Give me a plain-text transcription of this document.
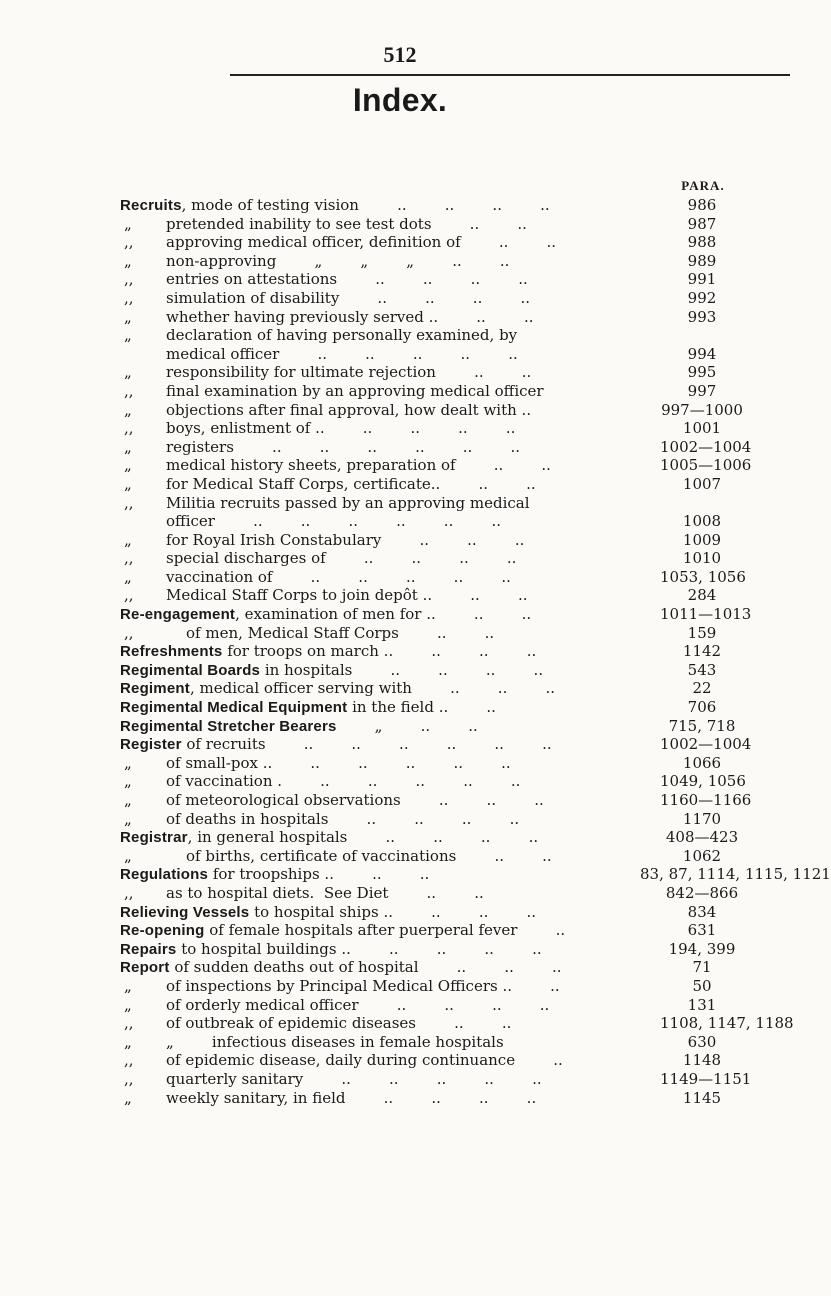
512
Index.
PARA.
Recruits, mode of testing vision        ..        ..        ..        ..	986
„ pretended inability to see test dots        ..        ..	987
,, approving medical officer, definition of        ..        ..	988
„ non-approving        „        „        „        ..        ..	989
,, entries on attestations        ..        ..        ..        ..	991
,, simulation of disability        ..        ..        ..        ..	992
„ whether having previously served ..        ..        ..	993
„ declaration of having personally examined, by
medical officer        ..        ..        ..        ..        ..	994
„ responsibility for ultimate rejection        ..        ..	995
,, final examination by an approving medical officer	997
„ objections after final approval, how dealt with ..	997—1000
,, boys, enlistment of ..        ..        ..        ..        ..	1001
„ registers        ..        ..        ..        ..        ..        ..	1002—1004
„ medical history sheets, preparation of        ..        ..	1005—1006
„ for Medical Staff Corps, certificate..        ..        ..	1007
,, Militia recruits passed by an approving medical
officer        ..        ..        ..        ..        ..        ..	1008
„ for Royal Irish Constabulary        ..        ..        ..	1009
,, special discharges of        ..        ..        ..        ..	1010
„ vaccination of        ..        ..        ..        ..        ..	1053, 1056
,, Medical Staff Corps to join depôt ..        ..        ..	284
Re-engagement, examination of men for ..        ..        ..	1011—1013
,,	of men, Medical Staff Corps        ..        ..	159
Refreshments for troops on march ..        ..        ..        ..	1142
Regimental Boards in hospitals        ..        ..        ..        ..	543
Regiment, medical officer serving with        ..        ..        ..	22
Regimental Medical Equipment in the field ..        ..	706
Regimental Stretcher Bearers        „        ..        ..	715, 718
Register of recruits        ..        ..        ..        ..        ..        ..	1002—1004
„ of small-pox ..        ..        ..        ..        ..        ..	1066
„ of vaccination .        ..        ..        ..        ..        ..	1049, 1056
„ of meteorological observations        ..        ..        ..	1160—1166
„ of deaths in hospitals        ..        ..        ..        ..	1170
Registrar, in general hospitals        ..        ..        ..        ..	408—423
„	of births, certificate of vaccinations        ..        ..	1062
Regulations for troopships ..        ..        ..	83, 87, 1114, 1115, 1121
,, as to hospital diets.  See Diet        ..        ..	842—866
Relieving Vessels to hospital ships ..        ..        ..        ..	834
Re-opening of female hospitals after puerperal fever        ..	631
Repairs to hospital buildings ..        ..        ..        ..        ..	194, 399
Report of sudden deaths out of hospital        ..        ..        ..	71
„ of inspections by Principal Medical Officers ..        ..	50
„ of orderly medical officer        ..        ..        ..        ..	131
,, of outbreak of epidemic diseases        ..        ..	1108, 1147, 1188
„ „        infectious diseases in female hospitals	630
,, of epidemic disease, daily during continuance        ..	1148
,, quarterly sanitary        ..        ..        ..        ..        ..	1149—1151
„ weekly sanitary, in field        ..        ..        ..        ..	1145
